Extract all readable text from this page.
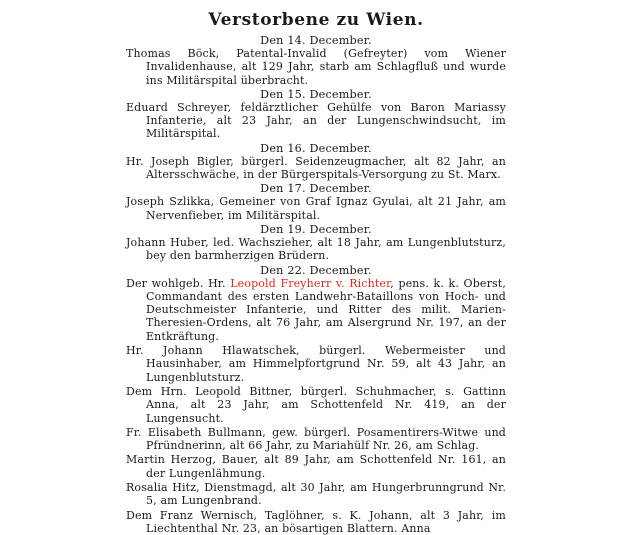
Verstorbene zu Wien.

Den 14. December.

Thomas Böck, Patental-Invalid (Gefreyter) vom Wiener Invalidenhause, alt 129 Jahr, starb am Schlagfluß und wurde ins Militärspital überbracht.

Den 15. December.

Eduard Schreyer, feldärztlicher Gehülfe von Baron Mariassy Infanterie, alt 23 Jahr, an der Lungenschwindsucht, im Militärspital.

Den 16. December.

Hr. Joseph Bigler, bürgerl. Seidenzeugmacher, alt 82 Jahr, an Altersschwäche, in der Bürgerspitals-Versorgung zu St. Marx.

Den 17. December.

Joseph Szlikka, Gemeiner von Graf Ignaz Gyulai, alt 21 Jahr, am Nervenfieber, im Militärspital.

Den 19. December.

Johann Huber, led. Wachszieher, alt 18 Jahr, am Lungenblutsturz, bey den barmherzigen Brüdern.

Den 22. December.

Der wohlgeb. Hr. Leopold Freyherr v. Richter, pens. k. k. Oberst, Commandant des ersten Landwehr-Bataillons von Hoch- und Deutschmeister Infanterie, und Ritter des milit. Marien-Theresien-Ordens, alt 76 Jahr, am Alsergrund Nr. 197, an der Entkräftung.

Hr. Johann Hlawatschek, bürgerl. Webermeister und Hausinhaber, am Himmelpfortgrund Nr. 59, alt 43 Jahr, an Lungenblutsturz.

Dem Hrn. Leopold Bittner, bürgerl. Schuhmacher, s. Gattinn Anna, alt 23 Jahr, am Schottenfeld Nr. 419, an der Lungensucht.

Fr. Elisabeth Bullmann, gew. bürgerl. Posamentirers-Witwe und Pfründnerinn, alt 66 Jahr, zu Mariahülf Nr. 26, am Schlag.

Martin Herzog, Bauer, alt 89 Jahr, am Schottenfeld Nr. 161, an der Lungenlähmung.

Rosalia Hitz, Dienstmagd, alt 30 Jahr, am Hungerbrunngrund Nr. 5, am Lungenbrand.

Dem Franz Wernisch, Taglöhner, s. K. Johann, alt 3 Jahr, im Liechtenthal Nr. 23, an bösartigen Blattern. Anna
